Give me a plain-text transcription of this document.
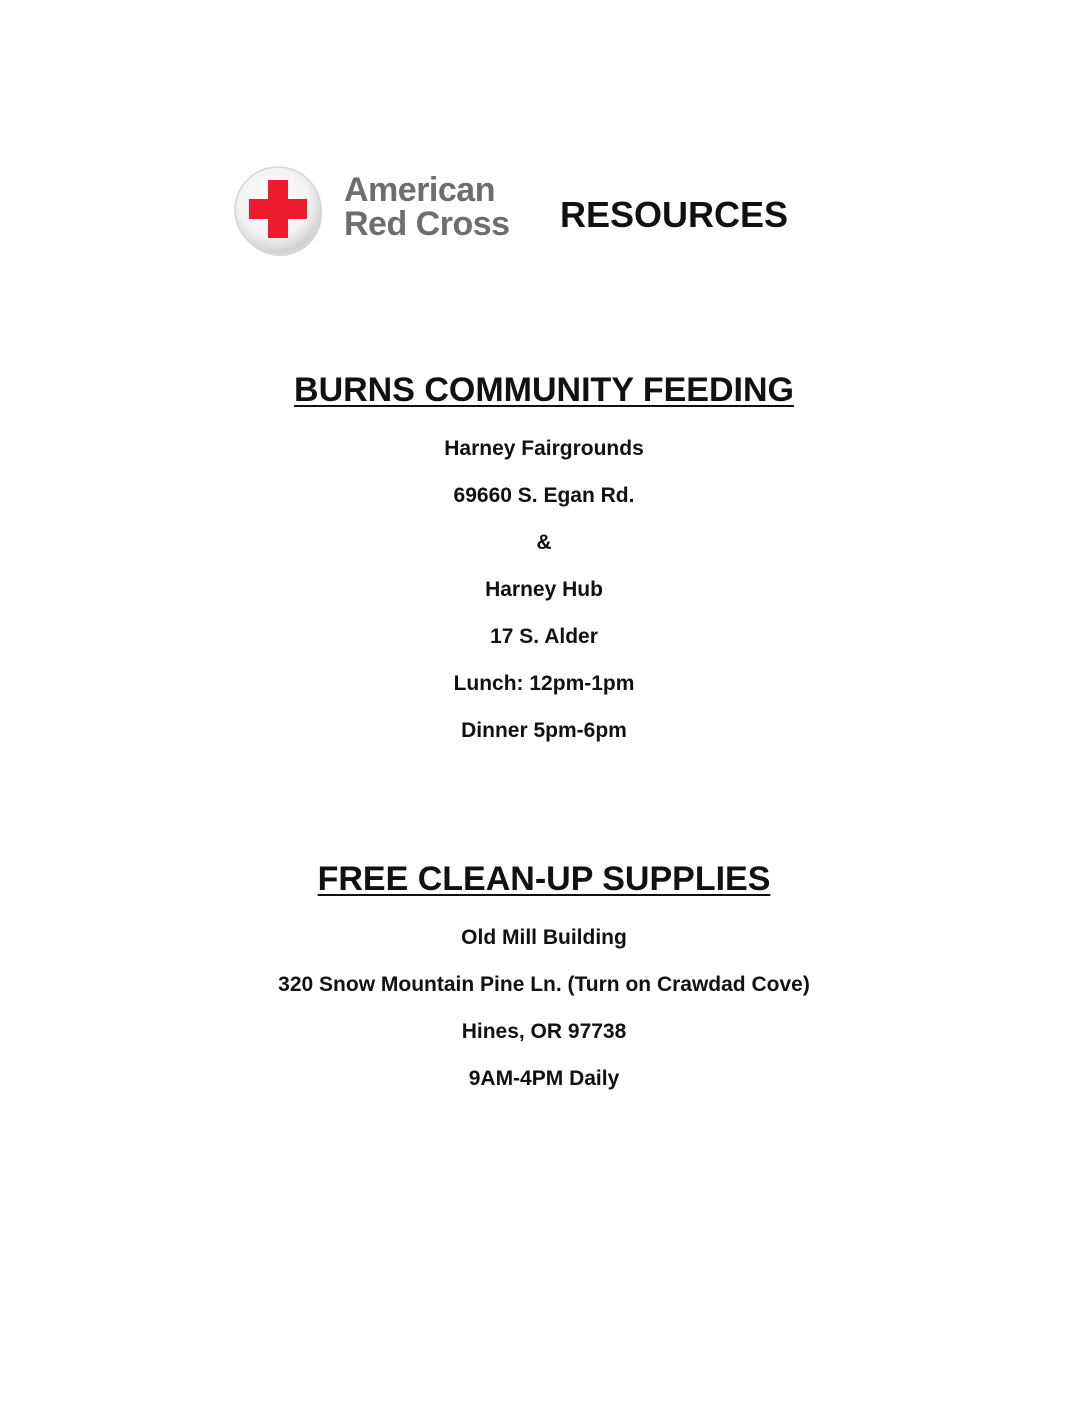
American
Red Cross RESOURCES
BURNS COMMUNITY FEEDING
Harney Fairgrounds
69660 S. Egan Rd.
&
Harney Hub
17 S. Alder
Lunch: 12pm-1pm
Dinner 5pm-6pm
FREE CLEAN-UP SUPPLIES
Old Mill Building
320 Snow Mountain Pine Ln. (Turn on Crawdad Cove)
Hines, OR 97738
9AM-4PM Daily
